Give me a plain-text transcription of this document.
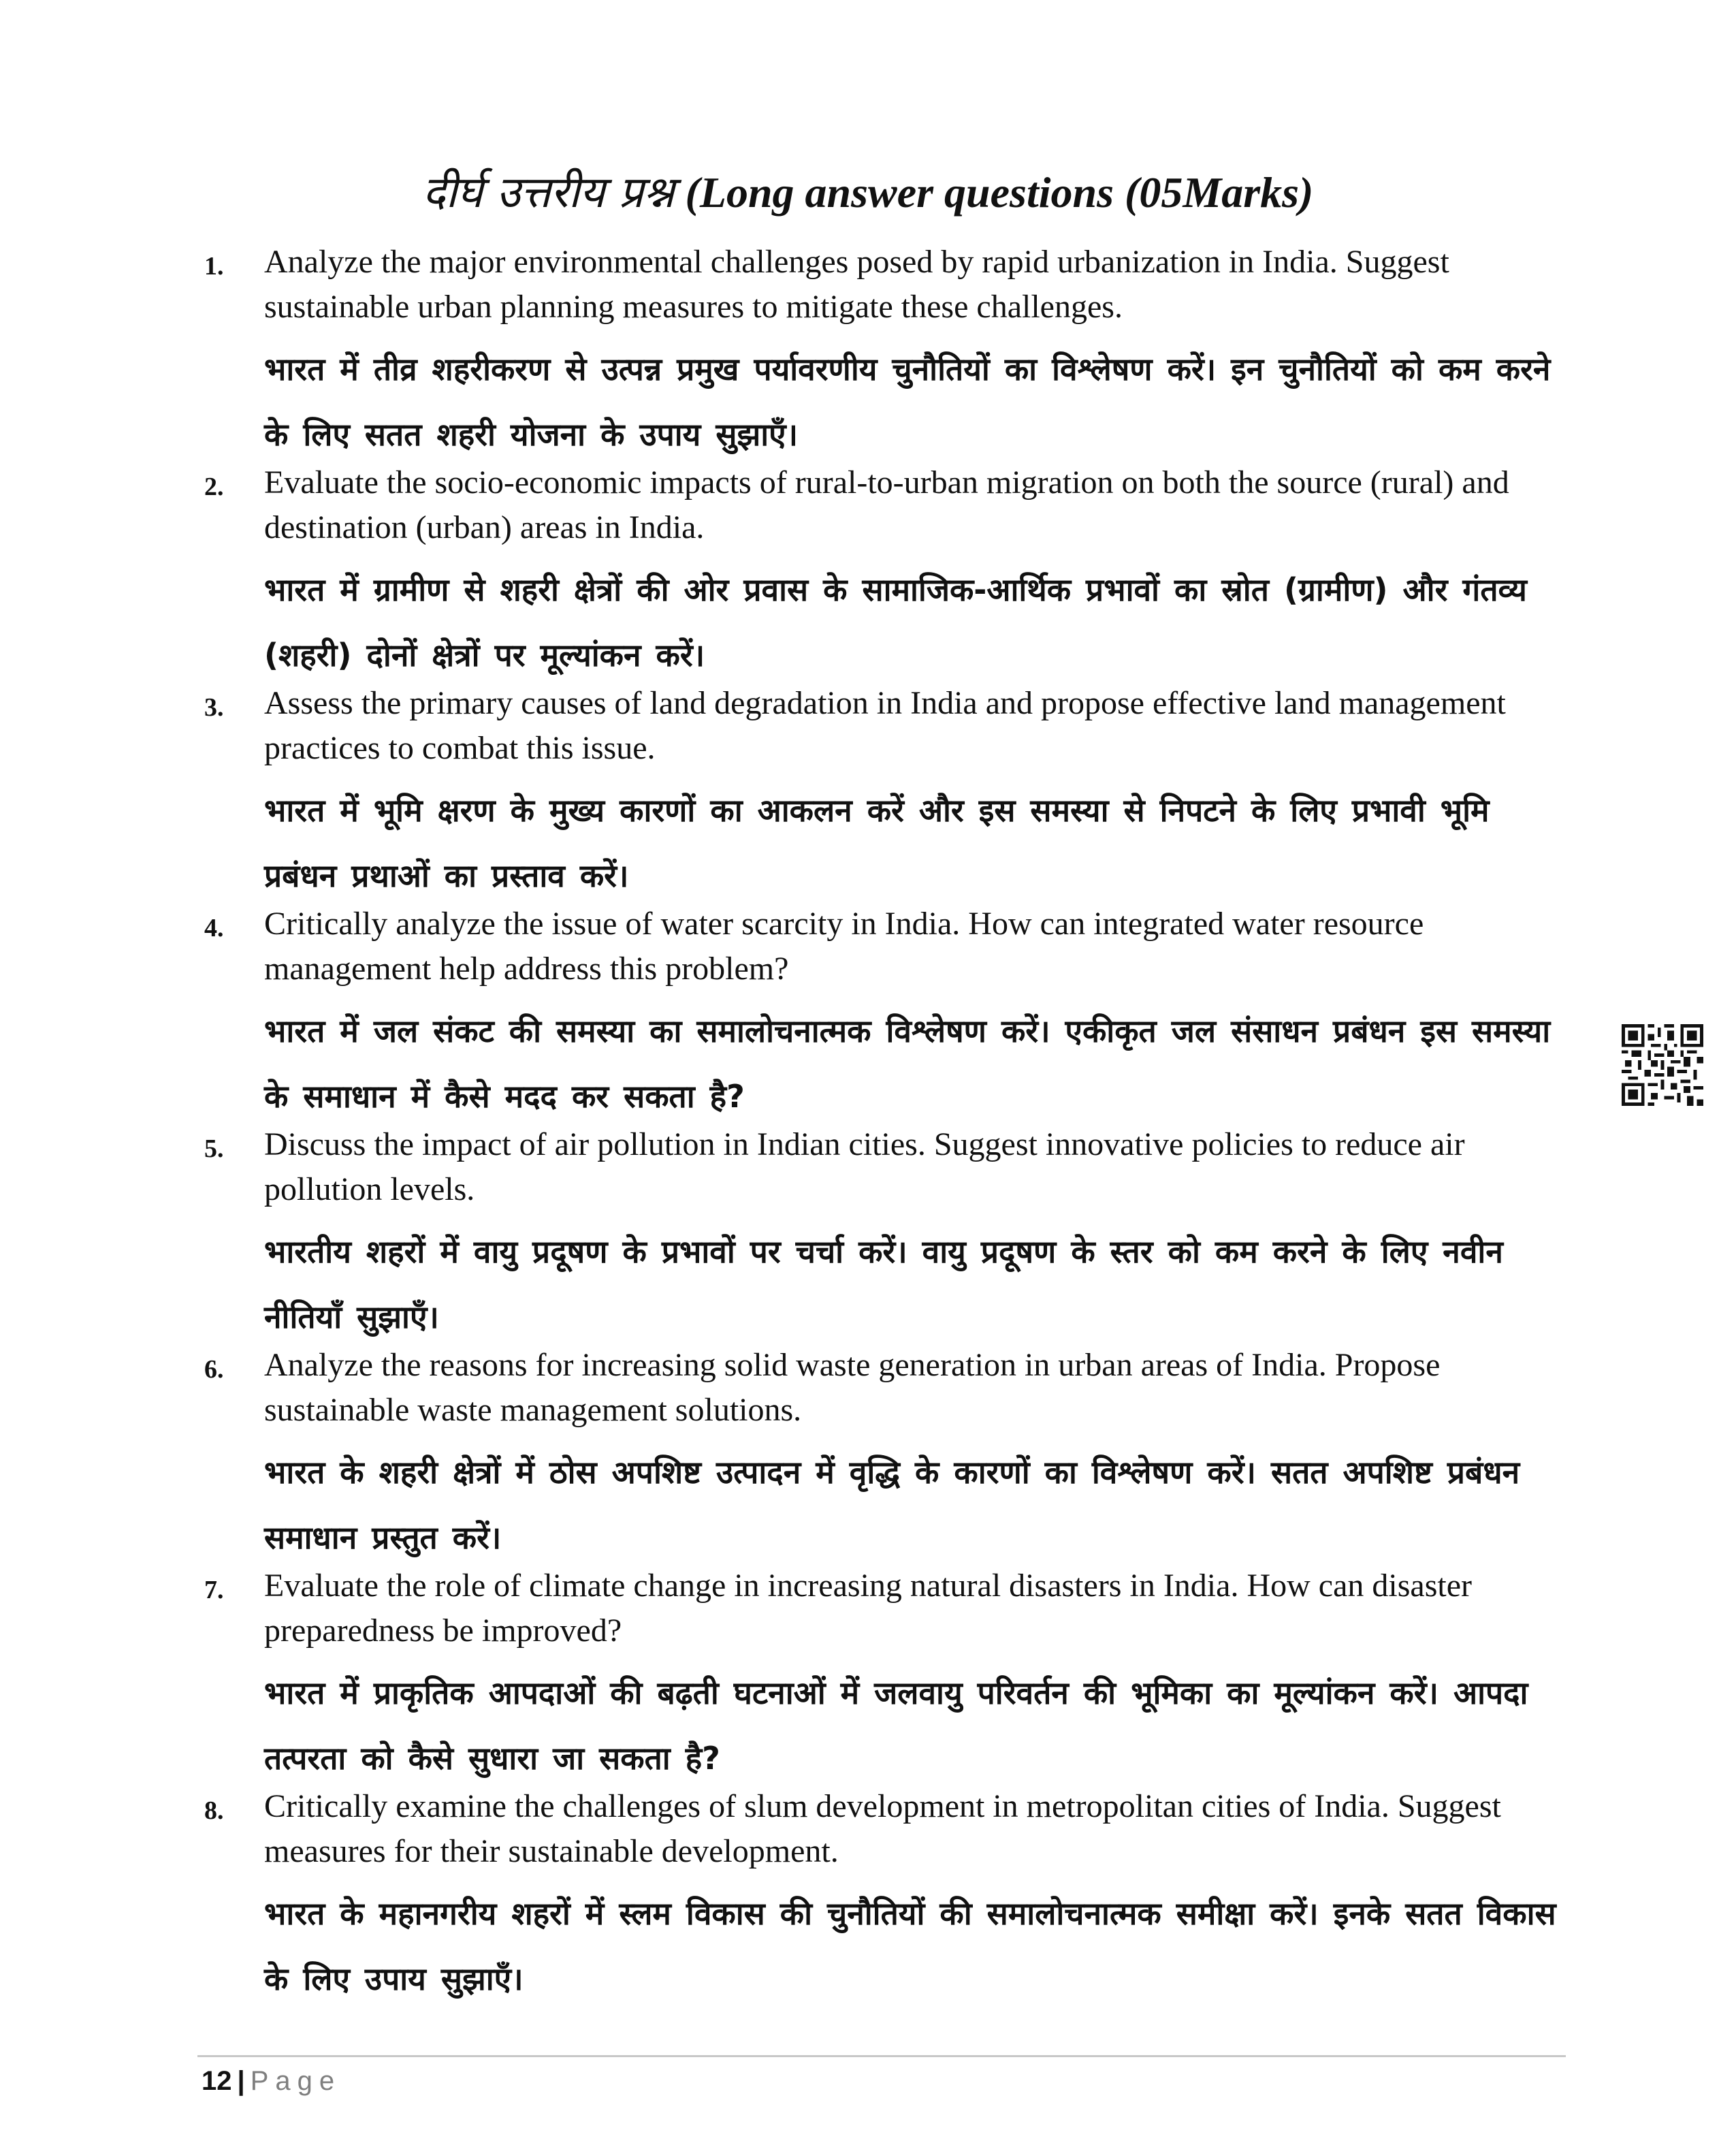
दीर्घ उत्तरीय प्रश्न (Long answer questions (05Marks)
1. Analyze the major environmental challenges posed by rapid urbanization in India. Suggest sustainable urban planning measures to mitigate these challenges.
भारत में तीव्र शहरीकरण से उत्पन्न प्रमुख पर्यावरणीय चुनौतियों का विश्लेषण करें। इन चुनौतियों को कम करने के लिए सतत शहरी योजना के उपाय सुझाएँ।
2. Evaluate the socio-economic impacts of rural-to-urban migration on both the source (rural) and destination (urban) areas in India.
भारत में ग्रामीण से शहरी क्षेत्रों की ओर प्रवास के सामाजिक-आर्थिक प्रभावों का स्रोत (ग्रामीण) और गंतव्य (शहरी) दोनों क्षेत्रों पर मूल्यांकन करें।
3. Assess the primary causes of land degradation in India and propose effective land management practices to combat this issue.
भारत में भूमि क्षरण के मुख्य कारणों का आकलन करें और इस समस्या से निपटने के लिए प्रभावी भूमि प्रबंधन प्रथाओं का प्रस्ताव करें।
4. Critically analyze the issue of water scarcity in India. How can integrated water resource management help address this problem?
भारत में जल संकट की समस्या का समालोचनात्मक विश्लेषण करें। एकीकृत जल संसाधन प्रबंधन इस समस्या के समाधान में कैसे मदद कर सकता है?
5. Discuss the impact of air pollution in Indian cities. Suggest innovative policies to reduce air pollution levels.
भारतीय शहरों में वायु प्रदूषण के प्रभावों पर चर्चा करें। वायु प्रदूषण के स्तर को कम करने के लिए नवीन नीतियाँ सुझाएँ।
6. Analyze the reasons for increasing solid waste generation in urban areas of India. Propose sustainable waste management solutions.
भारत के शहरी क्षेत्रों में ठोस अपशिष्ट उत्पादन में वृद्धि के कारणों का विश्लेषण करें। सतत अपशिष्ट प्रबंधन समाधान प्रस्तुत करें।
7. Evaluate the role of climate change in increasing natural disasters in India. How can disaster preparedness be improved?
भारत में प्राकृतिक आपदाओं की बढ़ती घटनाओं में जलवायु परिवर्तन की भूमिका का मूल्यांकन करें। आपदा तत्परता को कैसे सुधारा जा सकता है?
8. Critically examine the challenges of slum development in metropolitan cities of India. Suggest measures for their sustainable development.
भारत के महानगरीय शहरों में स्लम विकास की चुनौतियों की समालोचनात्मक समीक्षा करें। इनके सतत विकास के लिए उपाय सुझाएँ।
12 | Page
